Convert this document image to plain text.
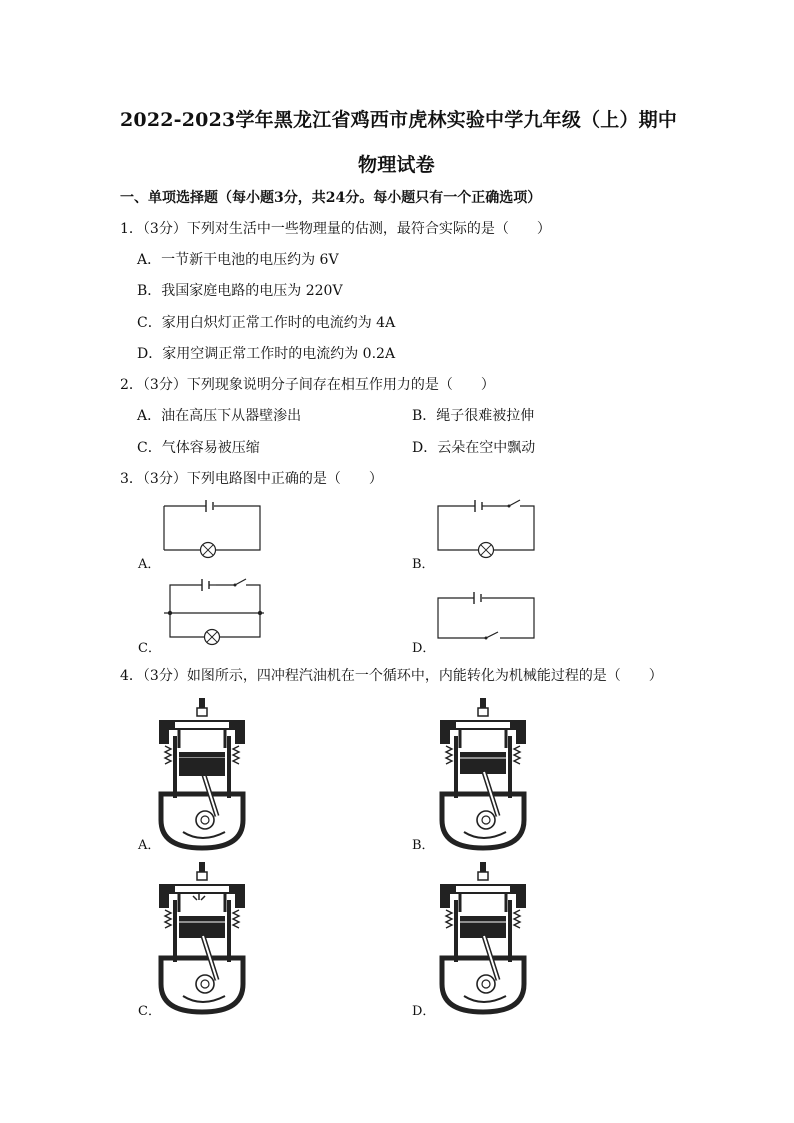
2022-2023学年黑龙江省鸡西市虎林实验中学九年级（上）期中
物理试卷
一、单项选择题（每小题3分，共24分。每小题只有一个正确选项）
1．（3分）下列对生活中一些物理量的估测，最符合实际的是（　　）
A．一节新干电池的电压约为 6V
B．我国家庭电路的电压为 220V
C．家用白炽灯正常工作时的电流约为 4A
D．家用空调正常工作时的电流约为 0.2A
2．（3分）下列现象说明分子间存在相互作用力的是（　　）
A．油在高压下从器壁渗出	B．绳子很难被拉伸
C．气体容易被压缩	D．云朵在空中飘动
3．（3分）下列电路图中正确的是（　　）
A．	B．
C．	D．
4．（3分）如图所示，四冲程汽油机在一个循环中，内能转化为机械能过程的是（　　）
A．	B．
C．	D．
